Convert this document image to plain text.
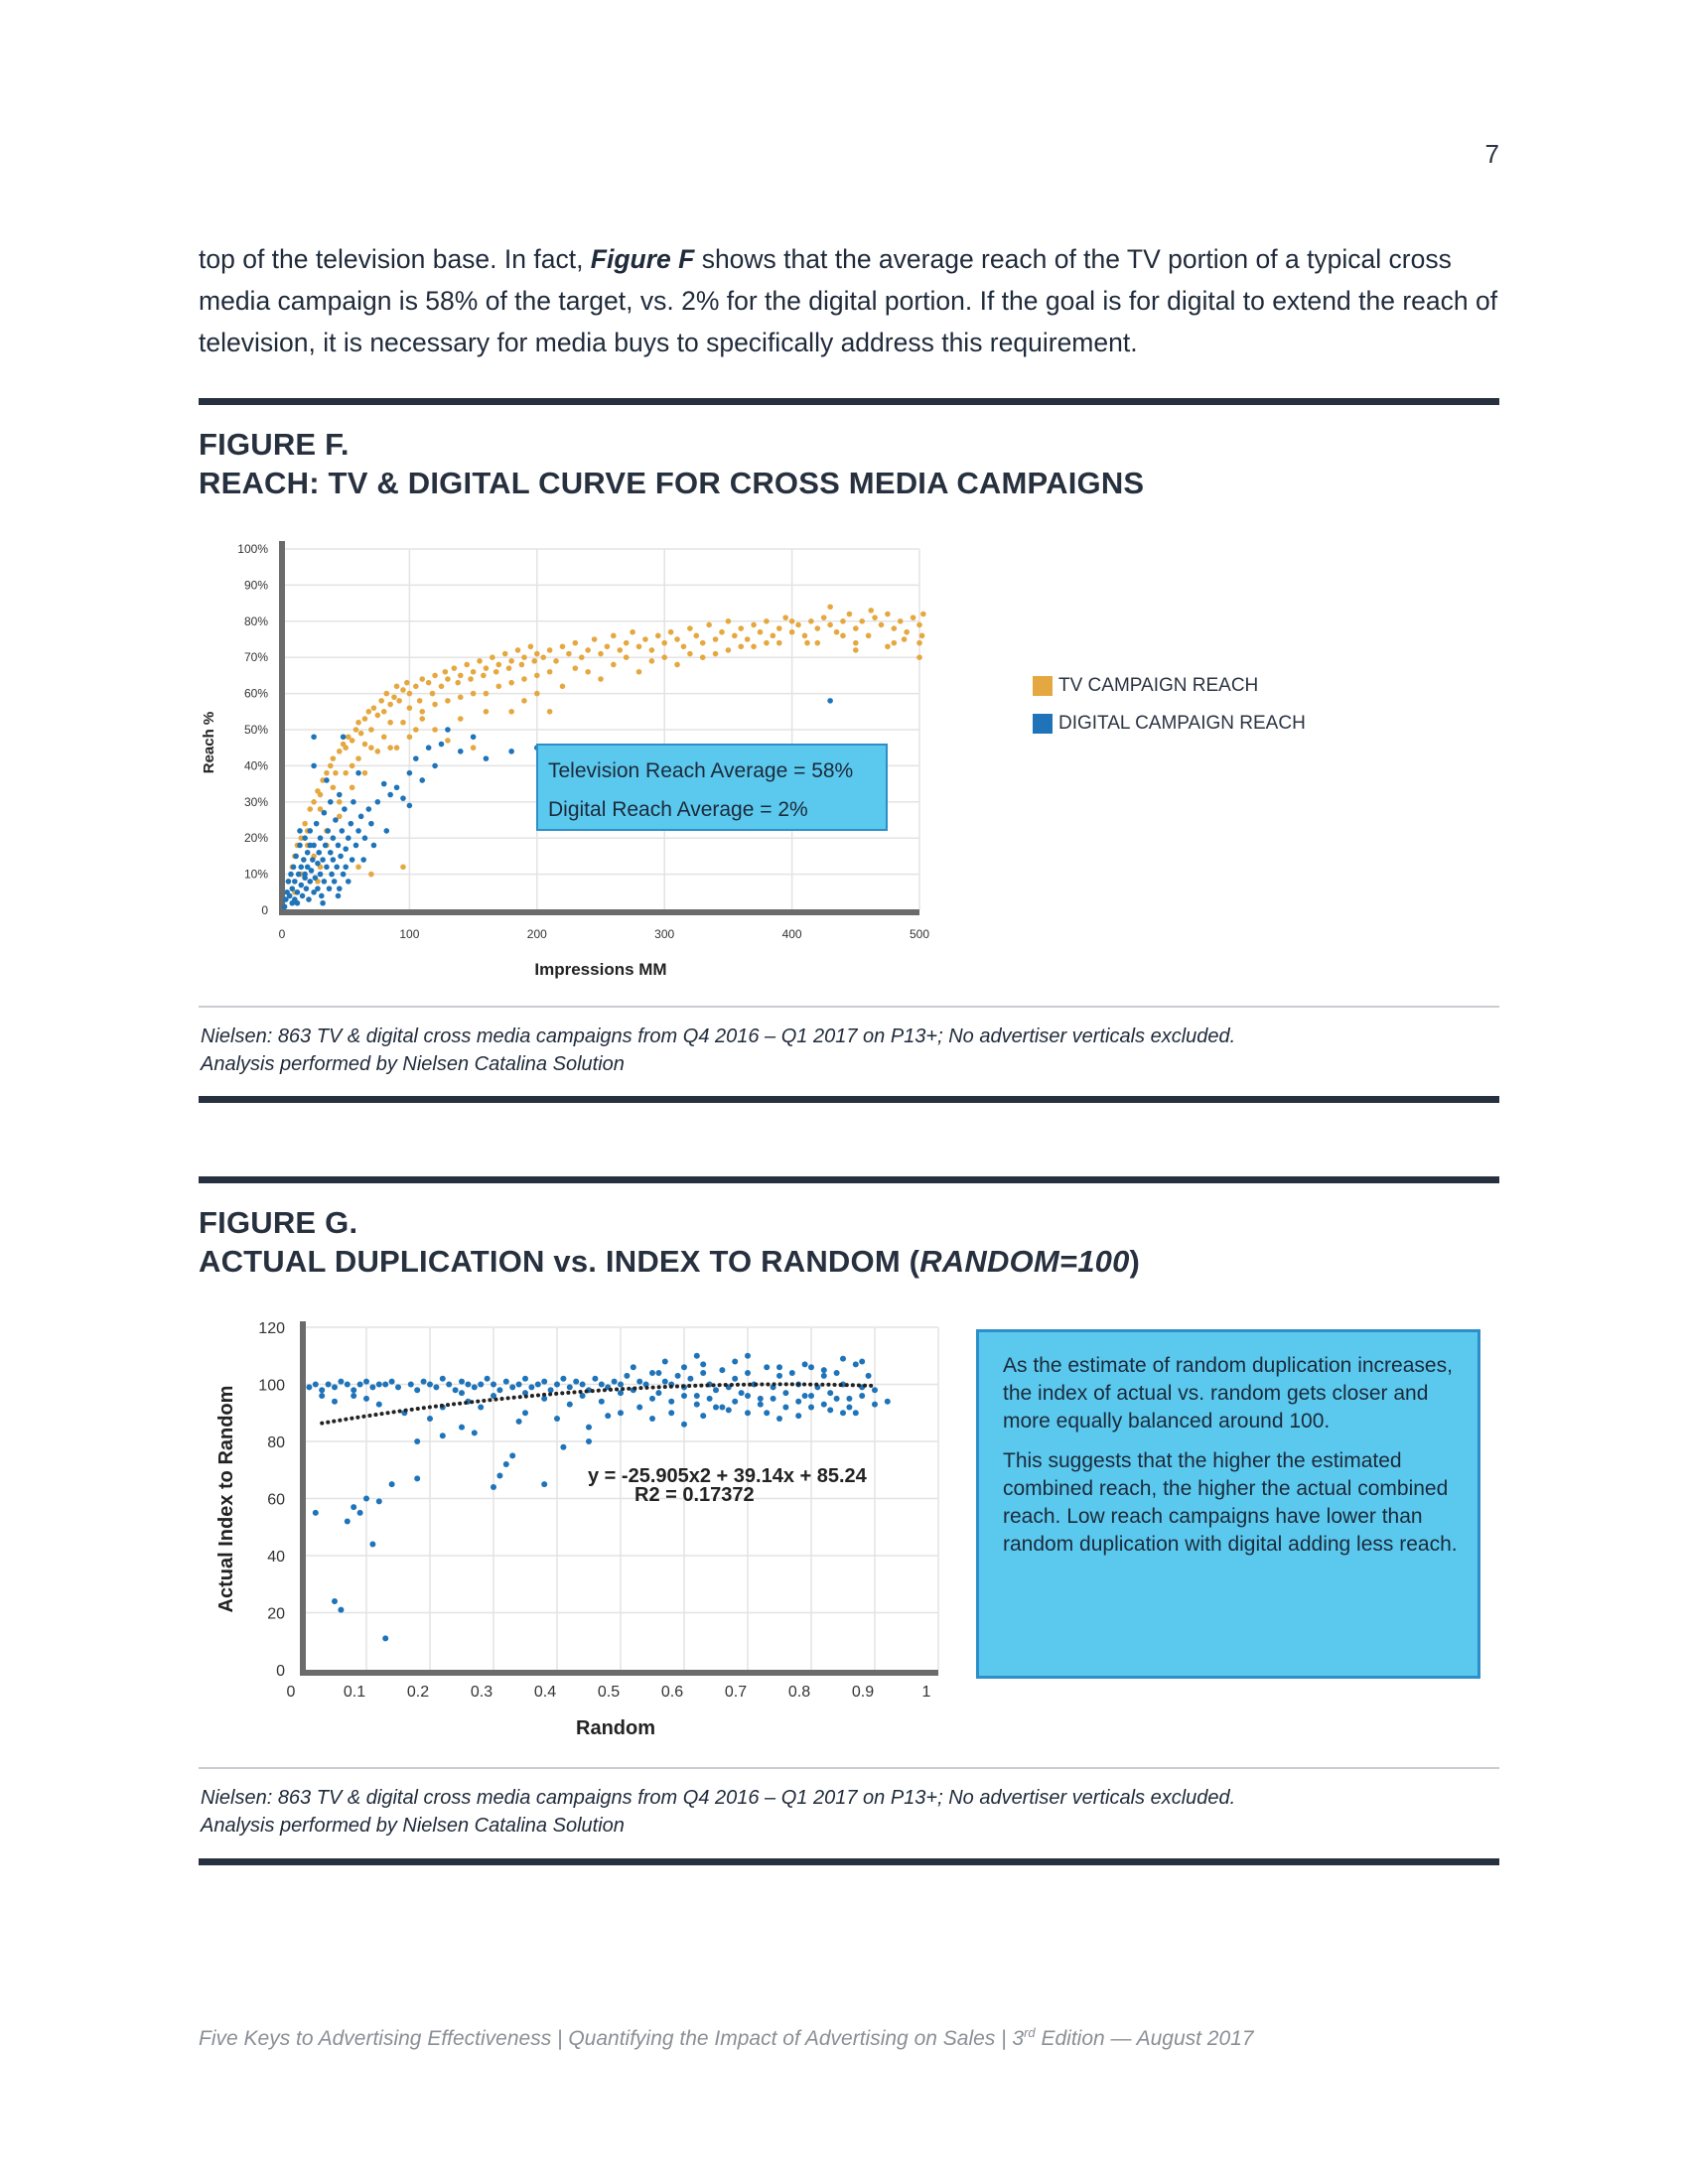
7
top of the television base. In fact, Figure F shows that the average reach of the TV portion of a typical cross media campaign is 58% of the target, vs. 2% for the digital portion. If the goal is for digital to extend the reach of television, it is necessary for media buys to specifically address this requirement.
FIGURE F.
REACH: TV & DIGITAL CURVE FOR CROSS MEDIA CAMPAIGNS
0
10%
20%
30%
40%
50%
60%
70%
80%
90%
100%
0	100	200	300	400	500
Impressions MM
Reach %
TV CAMPAIGN REACH
DIGITAL CAMPAIGN REACH
Television Reach Average = 58%
Digital Reach Average = 2%
Nielsen: 863 TV & digital cross media campaigns from Q4 2016 – Q1 2017 on P13+; No advertiser verticals excluded.
Analysis performed by Nielsen Catalina Solution
FIGURE G.
ACTUAL DUPLICATION vs. INDEX TO RANDOM (RANDOM=100)
0
20
40
60
80
100
120
0	0.1	0.2	0.3	0.4	0.5	0.6	0.7	0.8	0.9	1
Random
Actual Index to Random	y = -25.905x2 + 39.14x + 85.24
R2 = 0.17372

As the estimate of random duplication increases, the index of actual vs. random gets closer and more equally balanced around 100.

This suggests that the higher the estimated combined reach, the higher the actual combined reach. Low reach campaigns have lower than random duplication with digital adding less reach.

Nielsen: 863 TV & digital cross media campaigns from Q4 2016 – Q1 2017 on P13+; No advertiser verticals excluded.
Analysis performed by Nielsen Catalina Solution
Five Keys to Advertising Effectiveness | Quantifying the Impact of Advertising on Sales | 3rd Edition — August 2017
